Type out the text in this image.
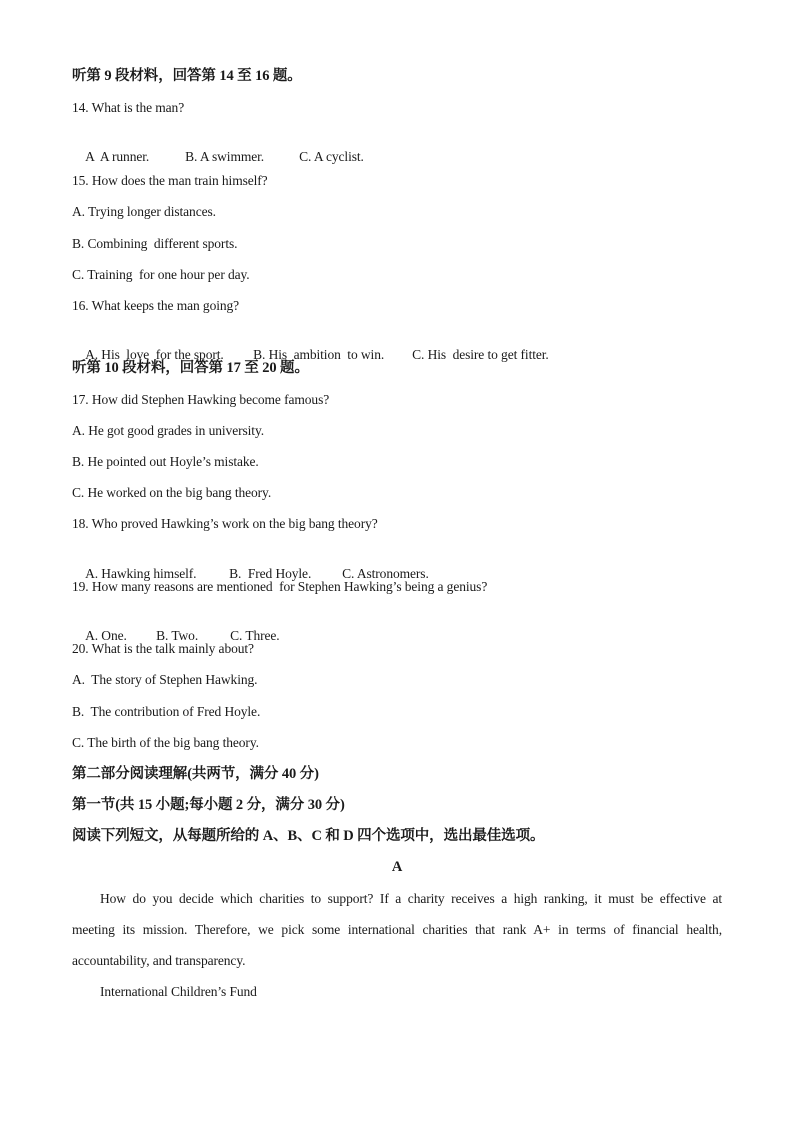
听第 9 段材料，回答第 14 至 16 题。
14. What is the man?

A  A runner.	B. A swimmer.	C. A cyclist.

15. How does the man train himself?
A. Trying longer distances.
B. Combining  different sports.
C. Training  for one hour per day.
16. What keeps the man going?

A. His  love  for the sport. B. His  ambition  to win. C. His  desire to get fitter.

听第 10 段材料，回答第 17 至 20 题。
17. How did Stephen Hawking become famous?
A. He got good grades in university.
B. He pointed out Hoyle’s mistake.
C. He worked on the big bang theory.
18. Who proved Hawking’s work on the big bang theory?

A. Hawking himself. B.  Fred Hoyle. C. Astronomers.

19. How many reasons are mentioned  for Stephen Hawking’s being a genius?

A. One. B. Two. C. Three.

20. What is the talk mainly about?
A.  The story of Stephen Hawking.
B.  The contribution of Fred Hoyle.
C. The birth of the big bang theory.
第二部分阅读理解(共两节，满分 40 分)
第一节(共 15 小题;每小题 2 分，满分 30 分)
阅读下列短文，从每题所给的 A、B、C 和 D 四个选项中，选出最佳选项。
A
How do you decide which charities to support? If a charity receives a high ranking, it must be effective at
meeting its mission. Therefore, we pick some international charities that rank A+ in terms of financial health,
accountability, and transparency.
International Children’s Fund
